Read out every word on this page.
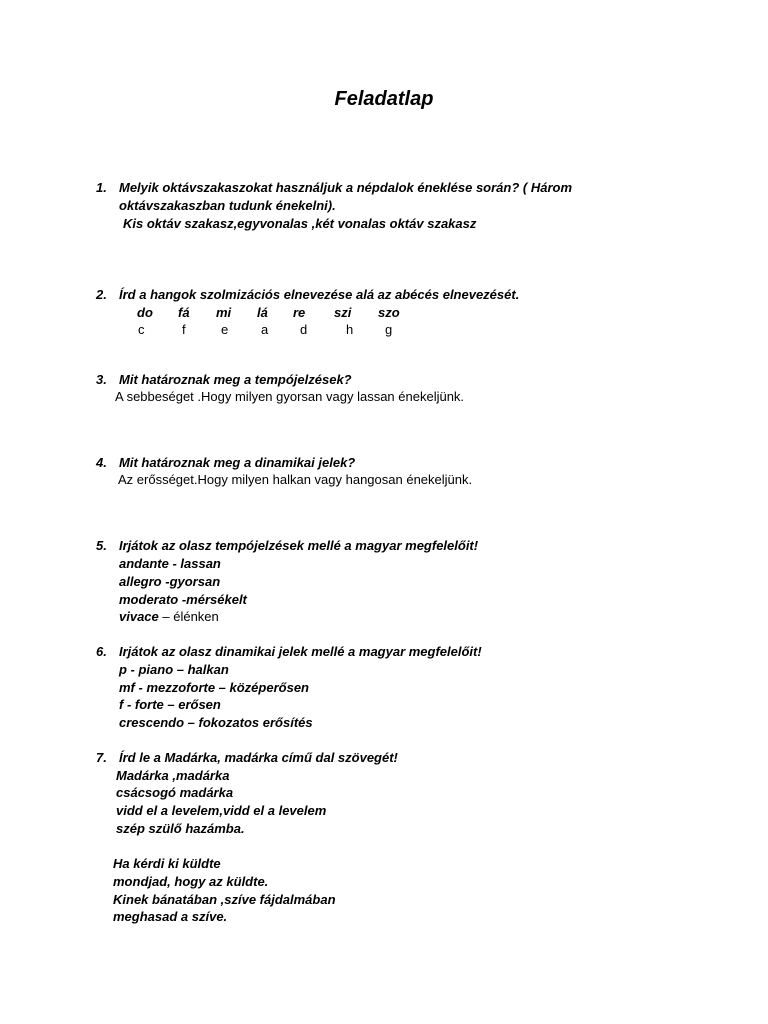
Feladatlap
1. Melyik oktávszakaszokat használjuk a népdalok éneklése során? ( Három
oktávszakaszban tudunk énekelni).
Kis oktáv szakasz,egyvonalas ,két vonalas oktáv szakasz
2. Írd a hangok szolmizációs elnevezése alá az abécés elnevezését.
do fá mi lá re szi szo
c	f	e	a d	h g
3. Mit határoznak meg a tempójelzések?
A sebbeséget .Hogy milyen gyorsan vagy lassan énekeljünk.
4. Mit határoznak meg a dinamikai jelek?
Az erősséget.Hogy milyen halkan vagy hangosan énekeljünk.
5. Irjátok az olasz tempójelzések mellé a magyar megfelelőit!
andante - lassan
allegro -gyorsan
moderato -mérsékelt
vivace – élénken
6. Irjátok az olasz dinamikai jelek mellé a magyar megfelelőit!
p - piano – halkan
mf - mezzoforte – középerősen
f - forte – erősen
crescendo – fokozatos erősítés
7. Írd le a Madárka, madárka című dal szövegét!
Madárka ,madárka
csácsogó madárka
vidd el a levelem,vidd el a levelem
szép szülő hazámba.
Ha kérdi ki küldte
mondjad, hogy az küldte.
Kinek bánatában ,szíve fájdalmában
meghasad a szíve.
